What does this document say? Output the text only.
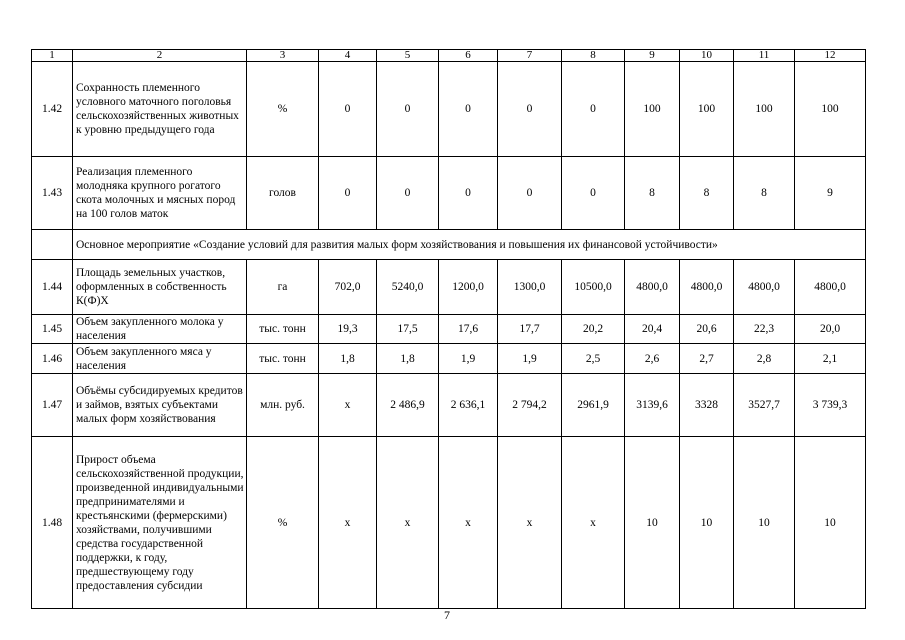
1	2	3	4	5	6	7	8	9	10	11	12
1.42	Сохранность племенного условного маточного поголовья сельскохозяйственных животных к уровню предыдущего года	%	0	0	0	0	0	100	100	100	100
1.43	Реализация племенного молодняка крупного рогатого скота молочных и мясных пород на 100 голов маток	голов	0	0	0	0	0	8	8	8	9
	Основное мероприятие «Создание условий для развития малых форм хозяйствования и повышения их финансовой устойчивости»										
1.44	Площадь земельных участков, оформленных в собственность К(Ф)Х	га	702,0	5240,0	1200,0	1300,0	10500,0	4800,0	4800,0	4800,0	4800,0
1.45	Объем закупленного молока у населения	тыс. тонн	19,3	17,5	17,6	17,7	20,2	20,4	20,6	22,3	20,0
1.46	Объем закупленного мяса у населения	тыс. тонн	1,8	1,8	1,9	1,9	2,5	2,6	2,7	2,8	2,1
1.47	Объёмы субсидируемых кредитов и займов, взятых субъектами малых форм хозяйствования	млн. руб.	х	2 486,9	2 636,1	2 794,2	2961,9	3139,6	3328	3527,7	3 739,3
1.48	Прирост объема сельскохозяйственной продукции, произведенной индивидуальными предпринимателями и крестьянскими (фермерскими) хозяйствами, получившими средства государственной поддержки, к году, предшествующему году предоставления субсидии	%	х	х	х	х	х	10	10	10	10
7
